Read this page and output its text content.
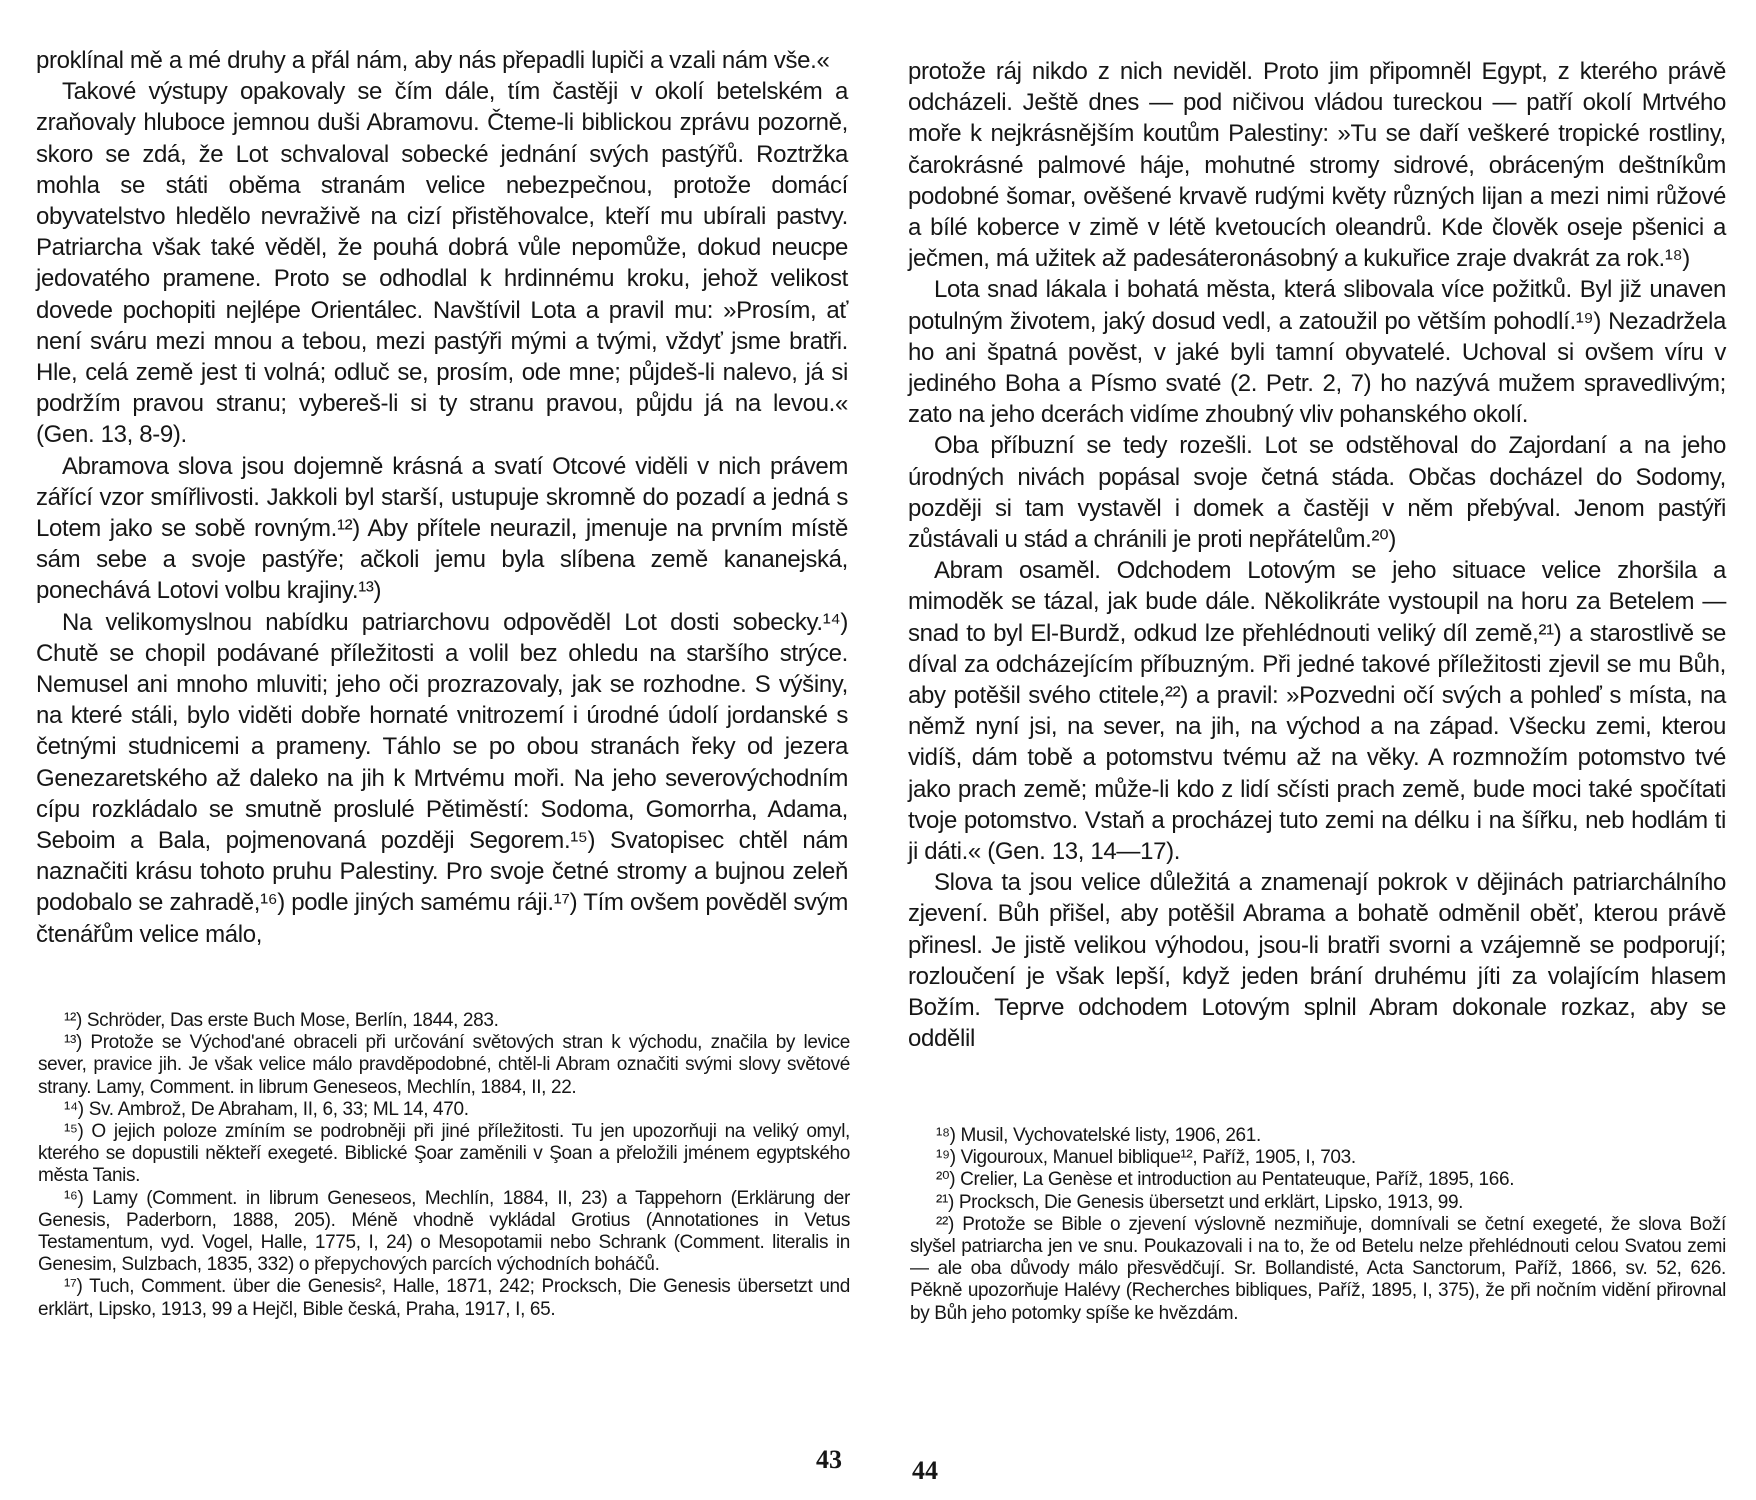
proklínal mě a mé druhy a přál nám, aby nás přepadli lupiči a vzali nám vše.«

Takové výstupy opakovaly se čím dále, tím častěji v okolí betelském a zraňovaly hluboce jemnou duši Abramovu. Čteme-li biblickou zprávu pozorně, skoro se zdá, že Lot schvaloval sobecké jednání svých pastýřů. Roztržka mohla se státi oběma stranám velice nebezpečnou, protože domácí obyvatelstvo hledělo nevraživě na cizí přistěhovalce, kteří mu ubírali pastvy. Patriarcha však také věděl, že pouhá dobrá vůle nepomůže, dokud neucpe jedovatého pramene. Proto se odhodlal k hrdinnému kroku, jehož velikost dovede pochopiti nejlépe Orientálec. Navštívil Lota a pravil mu: »Prosím, ať není sváru mezi mnou a tebou, mezi pastýři mými a tvými, vždyť jsme bratři. Hle, celá země jest ti volná; odluč se, prosím, ode mne; půjdeš-li nalevo, já si podržím pravou stranu; vybereš-li si ty stranu pravou, půjdu já na levou.« (Gen. 13, 8-9).

Abramova slova jsou dojemně krásná a svatí Otcové viděli v nich právem zářící vzor smířlivosti. Jakkoli byl starší, ustupuje skromně do pozadí a jedná s Lotem jako se sobě rovným.¹²) Aby přítele neurazil, jmenuje na prvním místě sám sebe a svoje pastýře; ačkoli jemu byla slíbena země kananejská, ponechává Lotovi volbu krajiny.¹³)

Na velikomyslnou nabídku patriarchovu odpověděl Lot dosti sobecky.¹⁴) Chutě se chopil podávané příležitosti a volil bez ohledu na staršího strýce. Nemusel ani mnoho mluviti; jeho oči prozrazovaly, jak se rozhodne. S výšiny, na které stáli, bylo viděti dobře hornaté vnitrozemí i úrodné údolí jordanské s četnými studnicemi a prameny. Táhlo se po obou stranách řeky od jezera Genezaretského až daleko na jih k Mrtvému moři. Na jeho severovýchodním cípu rozkládalo se smutně proslulé Pětiměstí: Sodoma, Gomorrha, Adama, Seboim a Bala, pojmenovaná později Segorem.¹⁵) Svatopisec chtěl nám naznačiti krásu tohoto pruhu Palestiny. Pro svoje četné stromy a bujnou zeleň podobalo se zahradě,¹⁶) podle jiných samému ráji.¹⁷) Tím ovšem pověděl svým čtenářům velice málo,

¹²) Schröder, Das erste Buch Mose, Berlín, 1844, 283.

¹³) Protože se Východ'ané obraceli při určování světových stran k východu, značila by levice sever, pravice jih. Je však velice málo pravděpodobné, chtěl-li Abram označiti svými slovy světové strany. Lamy, Comment. in librum Geneseos, Mechlín, 1884, II, 22.

¹⁴) Sv. Ambrož, De Abraham, II, 6, 33; ML 14, 470.

¹⁵) O jejich poloze zmíním se podrobněji při jiné příležitosti. Tu jen upozorňuji na veliký omyl, kterého se dopustili někteří exegeté. Biblické Şoar zaměnili v Şoan a přeložili jménem egyptského města Tanis.

¹⁶) Lamy (Comment. in librum Geneseos, Mechlín, 1884, II, 23) a Tappehorn (Erklärung der Genesis, Paderborn, 1888, 205). Méně vhodně vykládal Grotius (Annotationes in Vetus Testamentum, vyd. Vogel, Halle, 1775, I, 24) o Mesopotamii nebo Schrank (Comment. literalis in Genesim, Sulzbach, 1835, 332) o přepychových parcích východních boháčů.

¹⁷) Tuch, Comment. über die Genesis², Halle, 1871, 242; Procksch, Die Genesis übersetzt und erklärt, Lipsko, 1913, 99 a Hejčl, Bible česká, Praha, 1917, I, 65.

43

protože ráj nikdo z nich neviděl. Proto jim připomněl Egypt, z kterého právě odcházeli. Ještě dnes — pod ničivou vládou tureckou — patří okolí Mrtvého moře k nejkrásnějším koutům Palestiny: »Tu se daří veškeré tropické rostliny, čarokrásné palmové háje, mohutné stromy sidrové, obráceným deštníkům podobné šomar, ověšené krvavě rudými květy různých lijan a mezi nimi růžové a bílé koberce v zimě v létě kvetoucích oleandrů. Kde člověk oseje pšenici a ječmen, má užitek až padesáteronásobný a kukuřice zraje dvakrát za rok.¹⁸)

Lota snad lákala i bohatá města, která slibovala více požitků. Byl již unaven potulným životem, jaký dosud vedl, a zatoužil po větším pohodlí.¹⁹) Nezadržela ho ani špatná pověst, v jaké byli tamní obyvatelé. Uchoval si ovšem víru v jediného Boha a Písmo svaté (2. Petr. 2, 7) ho nazývá mužem spravedlivým; zato na jeho dcerách vidíme zhoubný vliv pohanského okolí.

Oba příbuzní se tedy rozešli. Lot se odstěhoval do Zajordaní a na jeho úrodných nivách popásal svoje četná stáda. Občas docházel do Sodomy, později si tam vystavěl i domek a častěji v něm přebýval. Jenom pastýři zůstávali u stád a chránili je proti nepřátelům.²⁰)

Abram osaměl. Odchodem Lotovým se jeho situace velice zhoršila a mimoděk se tázal, jak bude dále. Několikráte vystoupil na horu za Betelem — snad to byl El-Burdž, odkud lze přehlédnouti veliký díl země,²¹) a starostlivě se díval za odcházejícím příbuzným. Při jedné takové příležitosti zjevil se mu Bůh, aby potěšil svého ctitele,²²) a pravil: »Pozvedni očí svých a pohleď s místa, na němž nyní jsi, na sever, na jih, na východ a na západ. Všecku zemi, kterou vidíš, dám tobě a potomstvu tvému až na věky. A rozmnožím potomstvo tvé jako prach země; může-li kdo z lidí sčísti prach země, bude moci také spočítati tvoje potomstvo. Vstaň a procházej tuto zemi na délku i na šířku, neb hodlám ti ji dáti.« (Gen. 13, 14—17).

Slova ta jsou velice důležitá a znamenají pokrok v dějinách patriarchálního zjevení. Bůh přišel, aby potěšil Abrama a bohatě odměnil oběť, kterou právě přinesl. Je jistě velikou výhodou, jsou-li bratři svorni a vzájemně se podporují; rozloučení je však lepší, když jeden brání druhému jíti za volajícím hlasem Božím. Teprve odchodem Lotovým splnil Abram dokonale rozkaz, aby se oddělil

¹⁸) Musil, Vychovatelské listy, 1906, 261.

¹⁹) Vigouroux, Manuel biblique¹², Paříž, 1905, I, 703.

²⁰) Crelier, La Genèse et introduction au Pentateuque, Paříž, 1895, 166.

²¹) Procksch, Die Genesis übersetzt und erklärt, Lipsko, 1913, 99.

²²) Protože se Bible o zjevení výslovně nezmiňuje, domnívali se četní exegeté, že slova Boží slyšel patriarcha jen ve snu. Poukazovali i na to, že od Betelu nelze přehlédnouti celou Svatou zemi — ale oba důvody málo přesvědčují. Sr. Bollandisté, Acta Sanctorum, Paříž, 1866, sv. 52, 626. Pěkně upozorňuje Halévy (Recherches bibliques, Paříž, 1895, I, 375), že při nočním vidění přirovnal by Bůh jeho potomky spíše ke hvězdám.

44
